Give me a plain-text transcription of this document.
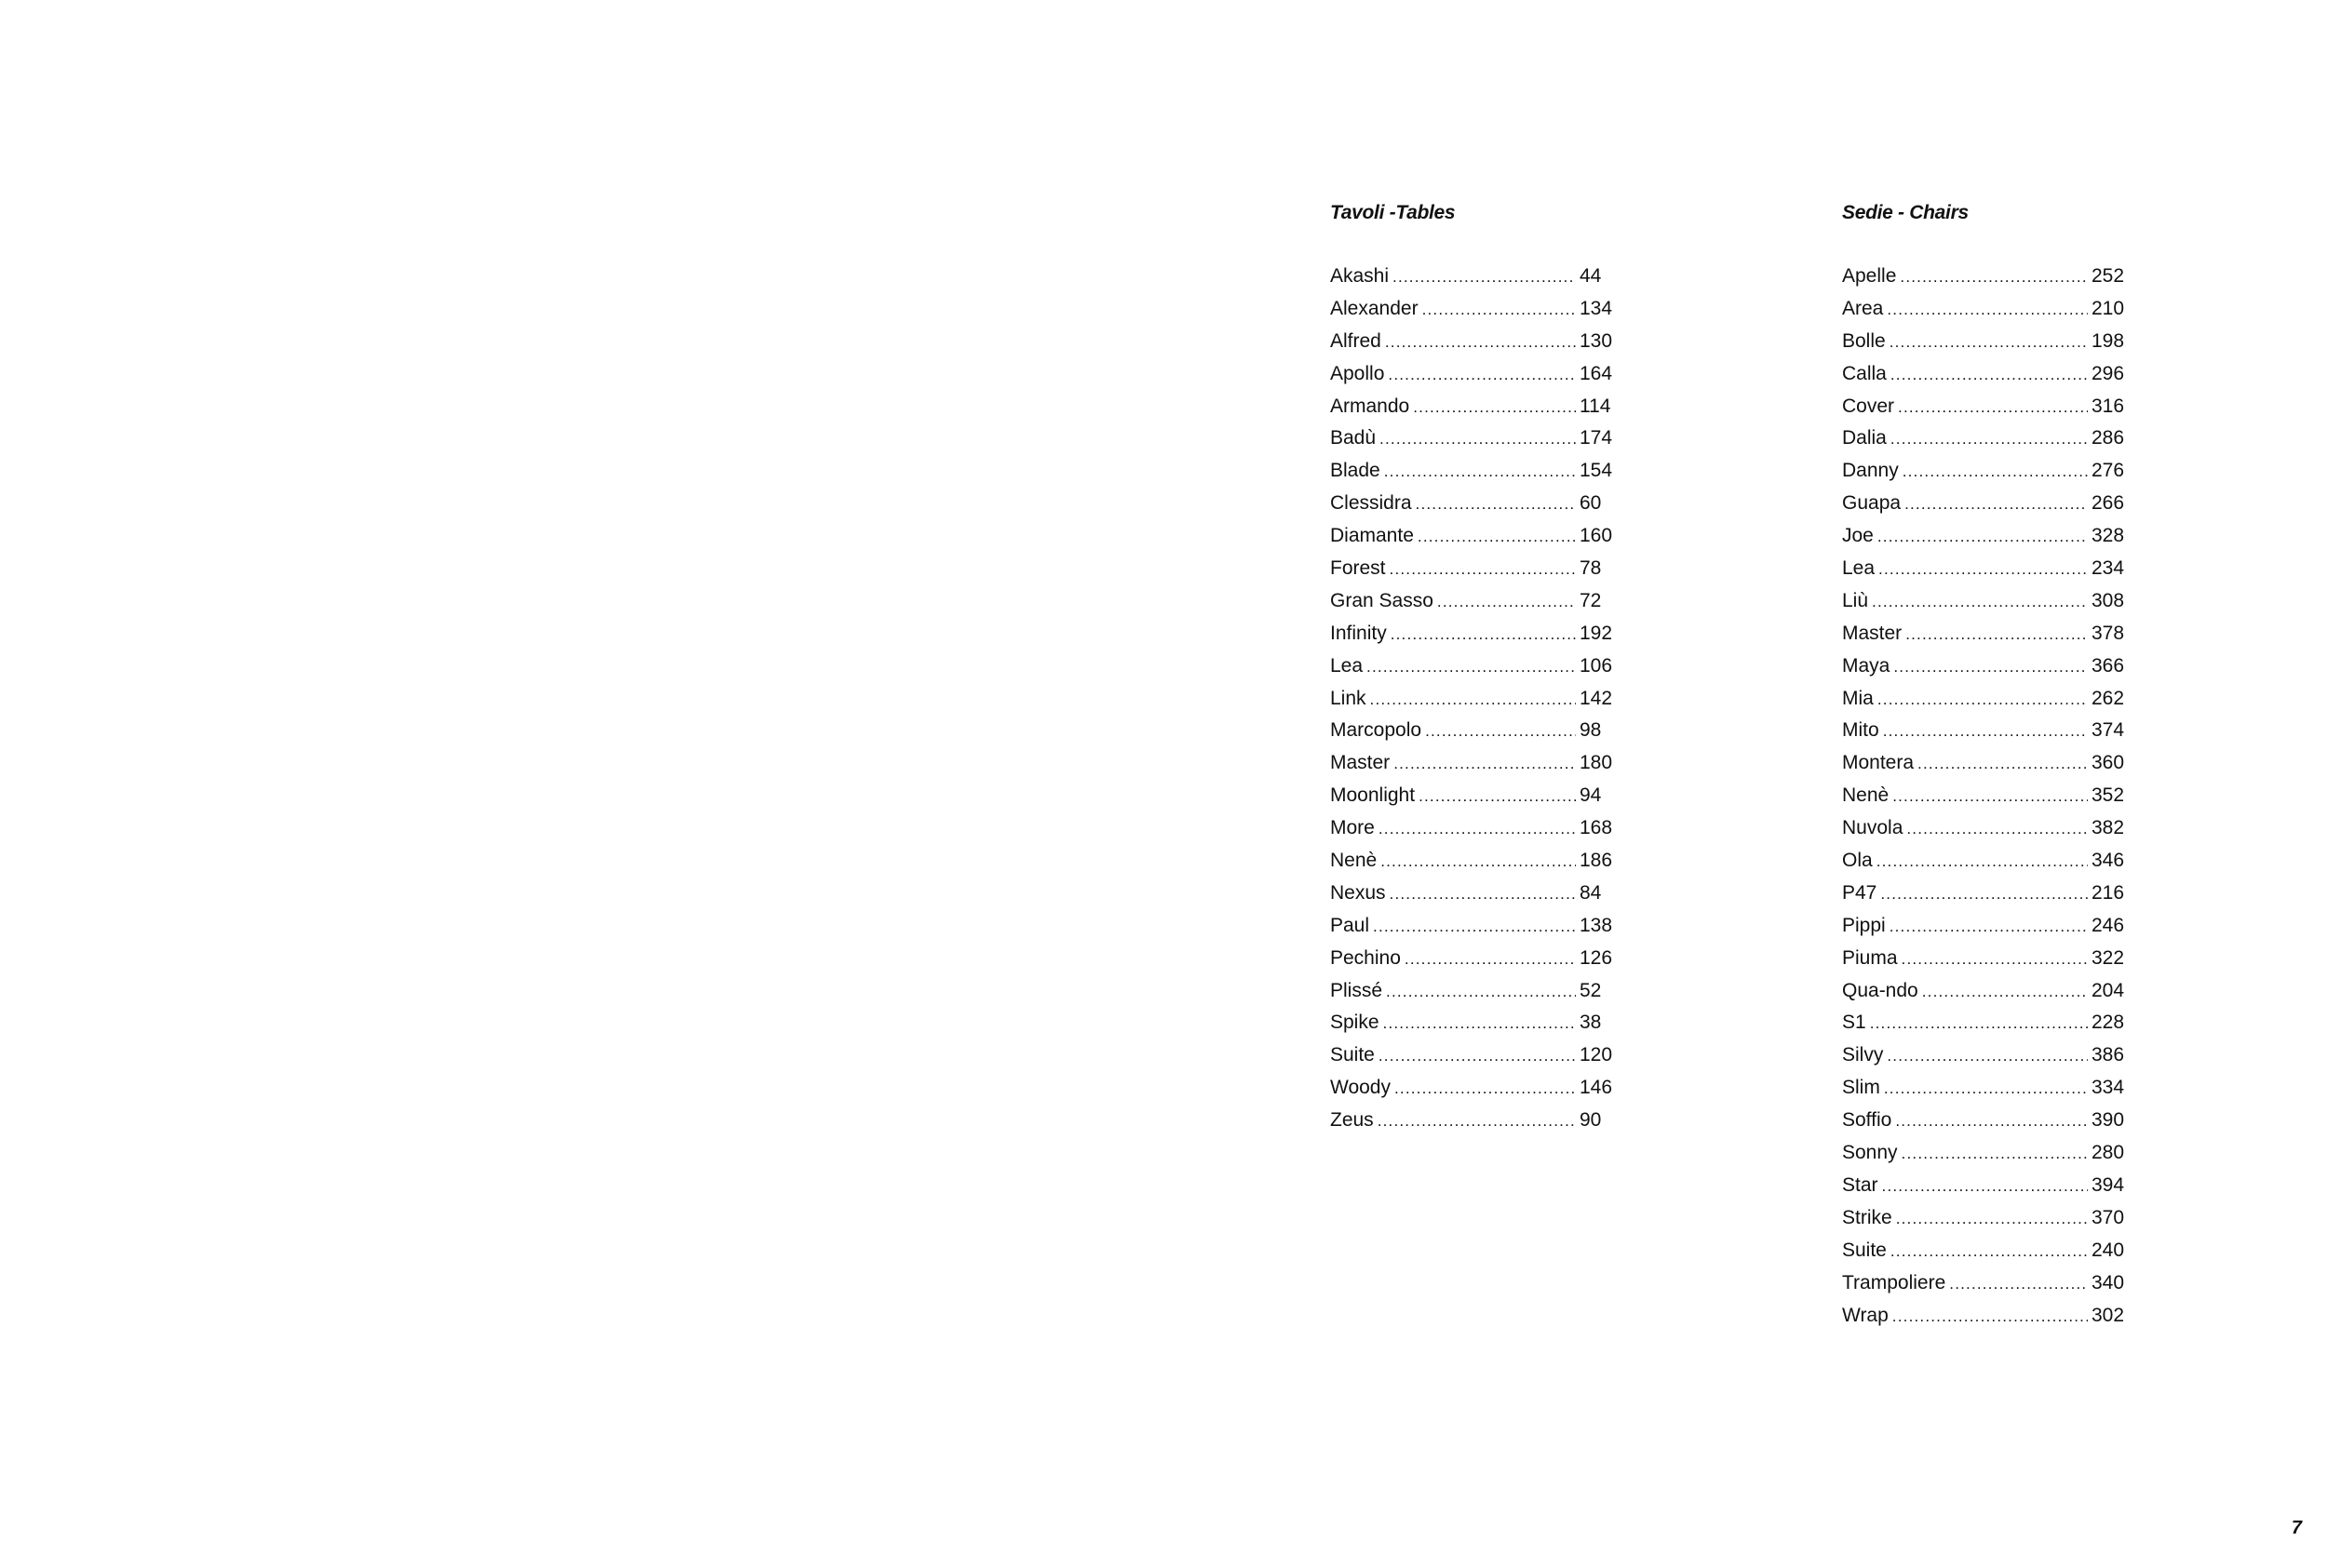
Tavoli -Tables
Akashi .....	44
Alexander .....	134
Alfred .....	130
Apollo .....	164
Armando .....	114
Badù .....	174
Blade .....	154
Clessidra .....	60
Diamante .....	160
Forest .....	78
Gran Sasso .....	72
Infinity .....	192
Lea .....	106
Link .....	142
Marcopolo .....	98
Master .....	180
Moonlight .....	94
More .....	168
Nenè .....	186
Nexus .....	84
Paul .....	138
Pechino .....	126
Plissé .....	52
Spike .....	38
Suite .....	120
Woody .....	146
Zeus .....	90
Sedie - Chairs
Apelle .....	252
Area .....	210
Bolle .....	198
Calla .....	296
Cover .....	316
Dalia .....	286
Danny .....	276
Guapa .....	266
Joe .....	328
Lea .....	234
Liù .....	308
Master .....	378
Maya .....	366
Mia .....	262
Mito .....	374
Montera .....	360
Nenè .....	352
Nuvola .....	382
Ola .....	346
P47 .....	216
Pippi .....	246
Piuma .....	322
Qua-ndo .....	204
S1 .....	228
Silvy .....	386
Slim .....	334
Soffio .....	390
Sonny .....	280
Star .....	394
Strike .....	370
Suite .....	240
Trampoliere .....	340
Wrap .....	302
7
